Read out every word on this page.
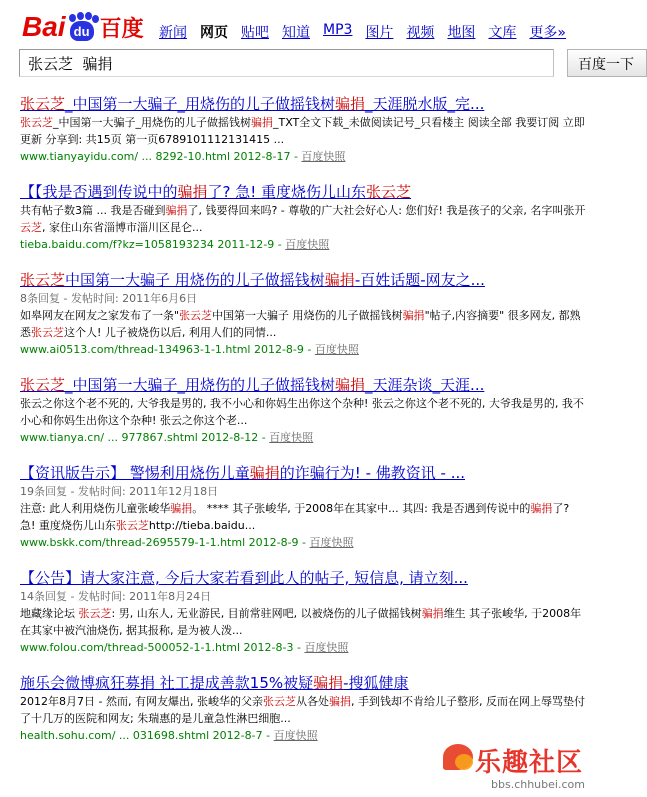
Bai du 百度 新闻 网页 贴吧 知道 MP3 图片 视频 地图 文库 更多»
张云芝 骗捐
百度一下
张云芝_中国第一大骗子_用烧伤的儿子做摇钱树骗捐_天涯脱水版_完...
张云芝_中国第一大骗子_用烧伤的儿子做摇钱树骗捐_TXT全文下载_未做阅读记号_只看楼主 阅读全部 我要订阅 立即更新 分享到: 共15页 第一页6789101112131415 ...
www.tianyayidu.com/ ... 8292-10.html 2012-8-17 - 百度快照
【【我是否遇到传说中的骗捐了? 急! 重度烧伤儿山东张云芝
共有帖子数3篇 ... 我是否碰到骗捐了, 钱要得回来吗? - 尊敬的广大社会好心人: 您们好! 我是孩子的父亲, 名字叫张开云芝, 家住山东省淄博市淄川区昆仑...
tieba.baidu.com/f?kz=1058193234 2011-12-9 - 百度快照
张云芝中国第一大骗子 用烧伤的儿子做摇钱树骗捐-百姓话题-网友之...
8条回复 - 发帖时间: 2011年6月6日
如皋网友在网友之家发布了一条"张云芝中国第一大骗子 用烧伤的儿子做摇钱树骗捐"帖子,内容摘要" 很多网友, 都熟悉张云芝这个人! 儿子被烧伤以后, 利用人们的同情...
www.ai0513.com/thread-134963-1-1.html 2012-8-9 - 百度快照
张云芝_中国第一大骗子_用烧伤的儿子做摇钱树骗捐_天涯杂谈_天涯...
张云之你这个老不死的, 大爷我是男的, 我不小心和你妈生出你这个杂种! 张云之你这个老不死的, 大爷我是男的, 我不小心和你妈生出你这个杂种! 张云之你这个老...
www.tianya.cn/ ... 977867.shtml 2012-8-12 - 百度快照
【资讯版告示】 警惕利用烧伤儿童骗捐的诈骗行为! - 佛教资讯 - ...
19条回复 - 发帖时间: 2011年12月18日
注意: 此人利用烧伤儿童张峻华骗捐。 **** 其子张峻华, 于2008年在其家中... 其四: 我是否遇到传说中的骗捐了? 急! 重度烧伤儿山东张云芝http://tieba.baidu...
www.bskk.com/thread-2695579-1-1.html 2012-8-9 - 百度快照
【公告】请大家注意, 今后大家若看到此人的帖子, 短信息, 请立刻...
14条回复 - 发帖时间: 2011年8月24日
地藏缘论坛 张云芝: 男, 山东人, 无业游民, 目前常驻网吧, 以被烧伤的儿子做摇钱树骗捐维生 其子张峻华, 于2008年在其家中被汽油烧伤, 据其报称, 是为被人泼...
www.folou.com/thread-500052-1-1.html 2012-8-3 - 百度快照
施乐会微博疯狂募捐 社工提成善款15%被疑骗捐-搜狐健康
2012年8月7日 - 然而, 有网友爆出, 张峻华的父亲张云芝从各处骗捐, 手到钱却不肯给儿子整形, 反而在网上辱骂垫付了十几万的医院和网友; 朱瑞惠的是儿童急性淋巴细胞...
health.sohu.com/ ... 031698.shtml 2012-8-7 - 百度快照
乐趣社区
bbs.chhubei.com
